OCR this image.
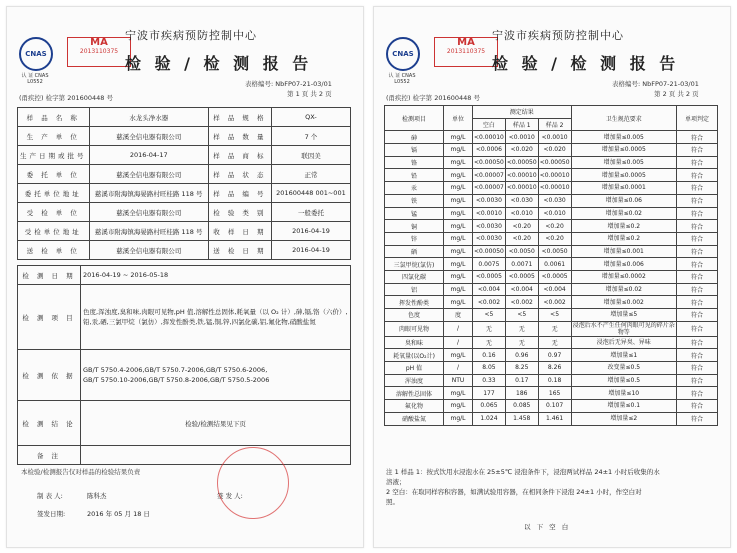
CNAS
认 证 CNAS L0552
MA
2013110375
宁波市疾病预防控制中心
检 验 / 检 测 报 告
表格编号: NbFP07-21-03/01
第 1 页 共 2 页
(甬疾控) 检字第 201600448 号
样 品 名 称	水龙头净水器	样 品 规 格	QX-
生 产 单 位	慈溪全信电器有限公司	样 品 数 量	7 个
生产日期或批号	2016-04-17	样 品 商 标	联因美
委 托 单 位	慈溪全信电器有限公司	样 品 状 态	正常
委托单位地址	慈溪市附海镇海晏路村旺桂路 118 号	样 品 编 号	201600448 001~001
受 检 单 位	慈溪全信电器有限公司	检 验 类 别	一般委托
受检单位地址	慈溪市附海镇海晏路村旺桂路 118 号	收 样 日 期	2016-04-19
送 检 单 位	慈溪全信电器有限公司	送 检 日 期	2016-04-19
检 测 日 期	2016-04-19 ~ 2016-05-18
检 测 项 目	色度,浑浊度,臭和味,肉眼可见物,pH 值,溶解性总固体,耗氧量（以 O₂ 计）,砷,镉,铬（六价）,铅,汞,硒,三氯甲烷（氯仿）,挥发性酚类,铁,锰,铜,锌,四氯化碳,铝,氟化物,硝酸盐氮
检 测 依 据	GB/T 5750.4-2006,GB/T 5750.7-2006,GB/T 5750.6-2006,
GB/T 5750.10-2006,GB/T 5750.8-2006,GB/T 5750.5-2006
检 测 结 论	检验/检测结果见下页
备 注	
本检验/检测报告仅对样品的检验结果负责
制 表 人:	陈科杰	签 发 人:
签发日期:	2016 年 05 月 18 日
CNAS
认 证 CNAS L0552
MA
2013110375
宁波市疾病预防控制中心
检 验 / 检 测 报 告
表格编号: NbFP07-21-03/01
第 2 页 共 2 页
(甬疾控) 检字第 201600448 号
检测项目	单位	测定结果			卫生规范要求	单项判定
		空白	样品 1	样品 2		
砷	mg/L	<0.00010	<0.0010	<0.0010	增加量≤0.005	符合
镉	mg/L	<0.0006	<0.020	<0.020	增加量≤0.0005	符合
铬	mg/L	<0.00050	<0.00050	<0.00050	增加量≤0.005	符合
铅	mg/L	<0.00007	<0.00010	<0.00010	增加量≤0.0005	符合
汞	mg/L	<0.00007	<0.00010	<0.00010	增加量≤0.0001	符合
铁	mg/L	<0.0030	<0.030	<0.030	增加量≤0.06	符合
锰	mg/L	<0.0010	<0.010	<0.010	增加量≤0.02	符合
铜	mg/L	<0.0030	<0.20	<0.20	增加量≤0.2	符合
锌	mg/L	<0.0030	<0.20	<0.20	增加量≤0.2	符合
硒	mg/L	<0.00050	<0.0050	<0.0050	增加量≤0.001	符合
三氯甲烷(氯仿)	mg/L	0.0075	0.0071	0.0061	增加量≤0.006	符合
四氯化碳	mg/L	<0.0005	<0.0005	<0.0005	增加量≤0.0002	符合
铝	mg/L	<0.004	<0.004	<0.004	增加量≤0.02	符合
挥发性酚类	mg/L	<0.002	<0.002	<0.002	增加量≤0.002	符合
色度	度	<5	<5	<5	增加量≤5	符合
肉眼可见物	/	无	无	无	浸泡后水不产生任何肉眼可见的碎片杂物等	符合
臭和味	/	无	无	无	浸泡后无异臭、异味	符合
耗氧量(以O₂计)	mg/L	0.16	0.96	0.97	增加量≤1	符合
pH 值	/	8.05	8.25	8.26	改变量≤0.5	符合
浑浊度	NTU	0.33	0.17	0.18	增加量≤0.5	符合
溶解性总固体	mg/L	177	186	165	增加量≤10	符合
氟化物	mg/L	0.065	0.085	0.107	增加量≤0.1	符合
硝酸盐氮	mg/L	1.024	1.458	1.461	增加量≤2	符合
注 1 样品 1：按式饮用水浸泡水在 25±5℃ 浸泡条件下，浸泡两试样品 24±1 小时后收集的水
溶液；
2 空白：在取同样容积容器，如满试验用容器，在相同条件下浸泡 24±1 小时，作空白对
照。
以 下 空 白
